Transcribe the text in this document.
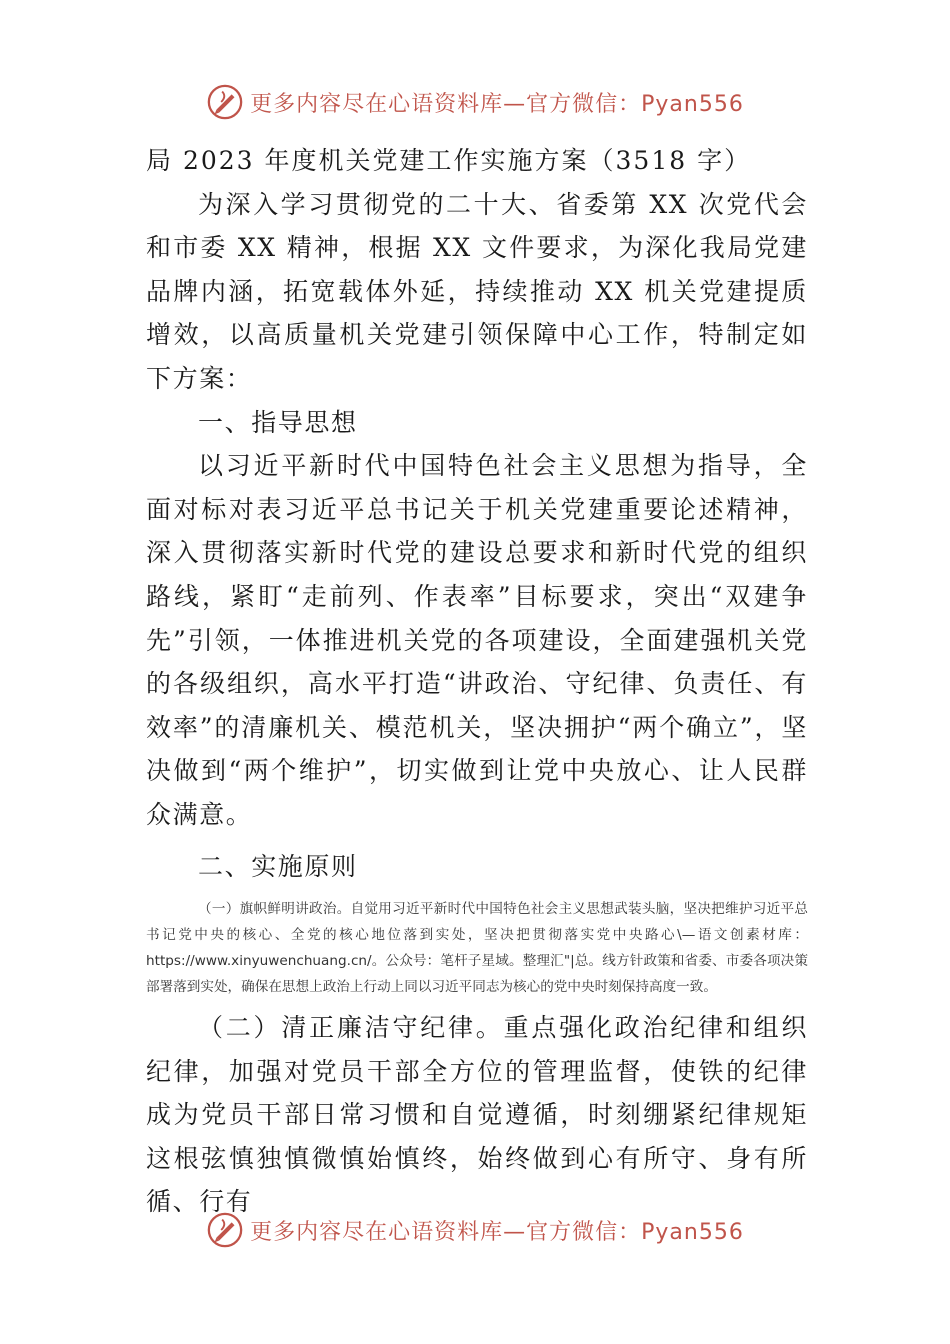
更多内容尽在心语资料库—官方微信：Pyan556

局 2023 年度机关党建工作实施方案（3518 字）

为深入学习贯彻党的二十大、省委第 XX 次党代会和市委 XX 精神，根据 XX 文件要求，为深化我局党建品牌内涵，拓宽载体外延，持续推动 XX 机关党建提质增效，以高质量机关党建引领保障中心工作，特制定如下方案：

一、指导思想

以习近平新时代中国特色社会主义思想为指导，全面对标对表习近平总书记关于机关党建重要论述精神，深入贯彻落实新时代党的建设总要求和新时代党的组织路线，紧盯“走前列、作表率”目标要求，突出“双建争先”引领，一体推进机关党的各项建设，全面建强机关党的各级组织，高水平打造“讲政治、守纪律、负责任、有效率”的清廉机关、模范机关，坚决拥护“两个确立”，坚决做到“两个维护”，切实做到让党中央放心、让人民群众满意。

二、实施原则

（一）旗帜鲜明讲政治。自觉用习近平新时代中国特色社会主义思想武装头脑，坚决把维护习近平总书记党中央的核心、全党的核心地位落到实处，坚决把贯彻落实党中央路心\—语文创素材库：https://www.xinyuwenchuang.cn/。公众号：笔杆子星域。整理汇"|总。线方针政策和省委、市委各项决策部署落到实处，确保在思想上政治上行动上同以习近平同志为核心的党中央时刻保持高度一致。

（二）清正廉洁守纪律。重点强化政治纪律和组织纪律，加强对党员干部全方位的管理监督，使铁的纪律成为党员干部日常习惯和自觉遵循，时刻绷紧纪律规矩这根弦慎独慎微慎始慎终，始终做到心有所守、身有所循、行有

更多内容尽在心语资料库—官方微信：Pyan556
